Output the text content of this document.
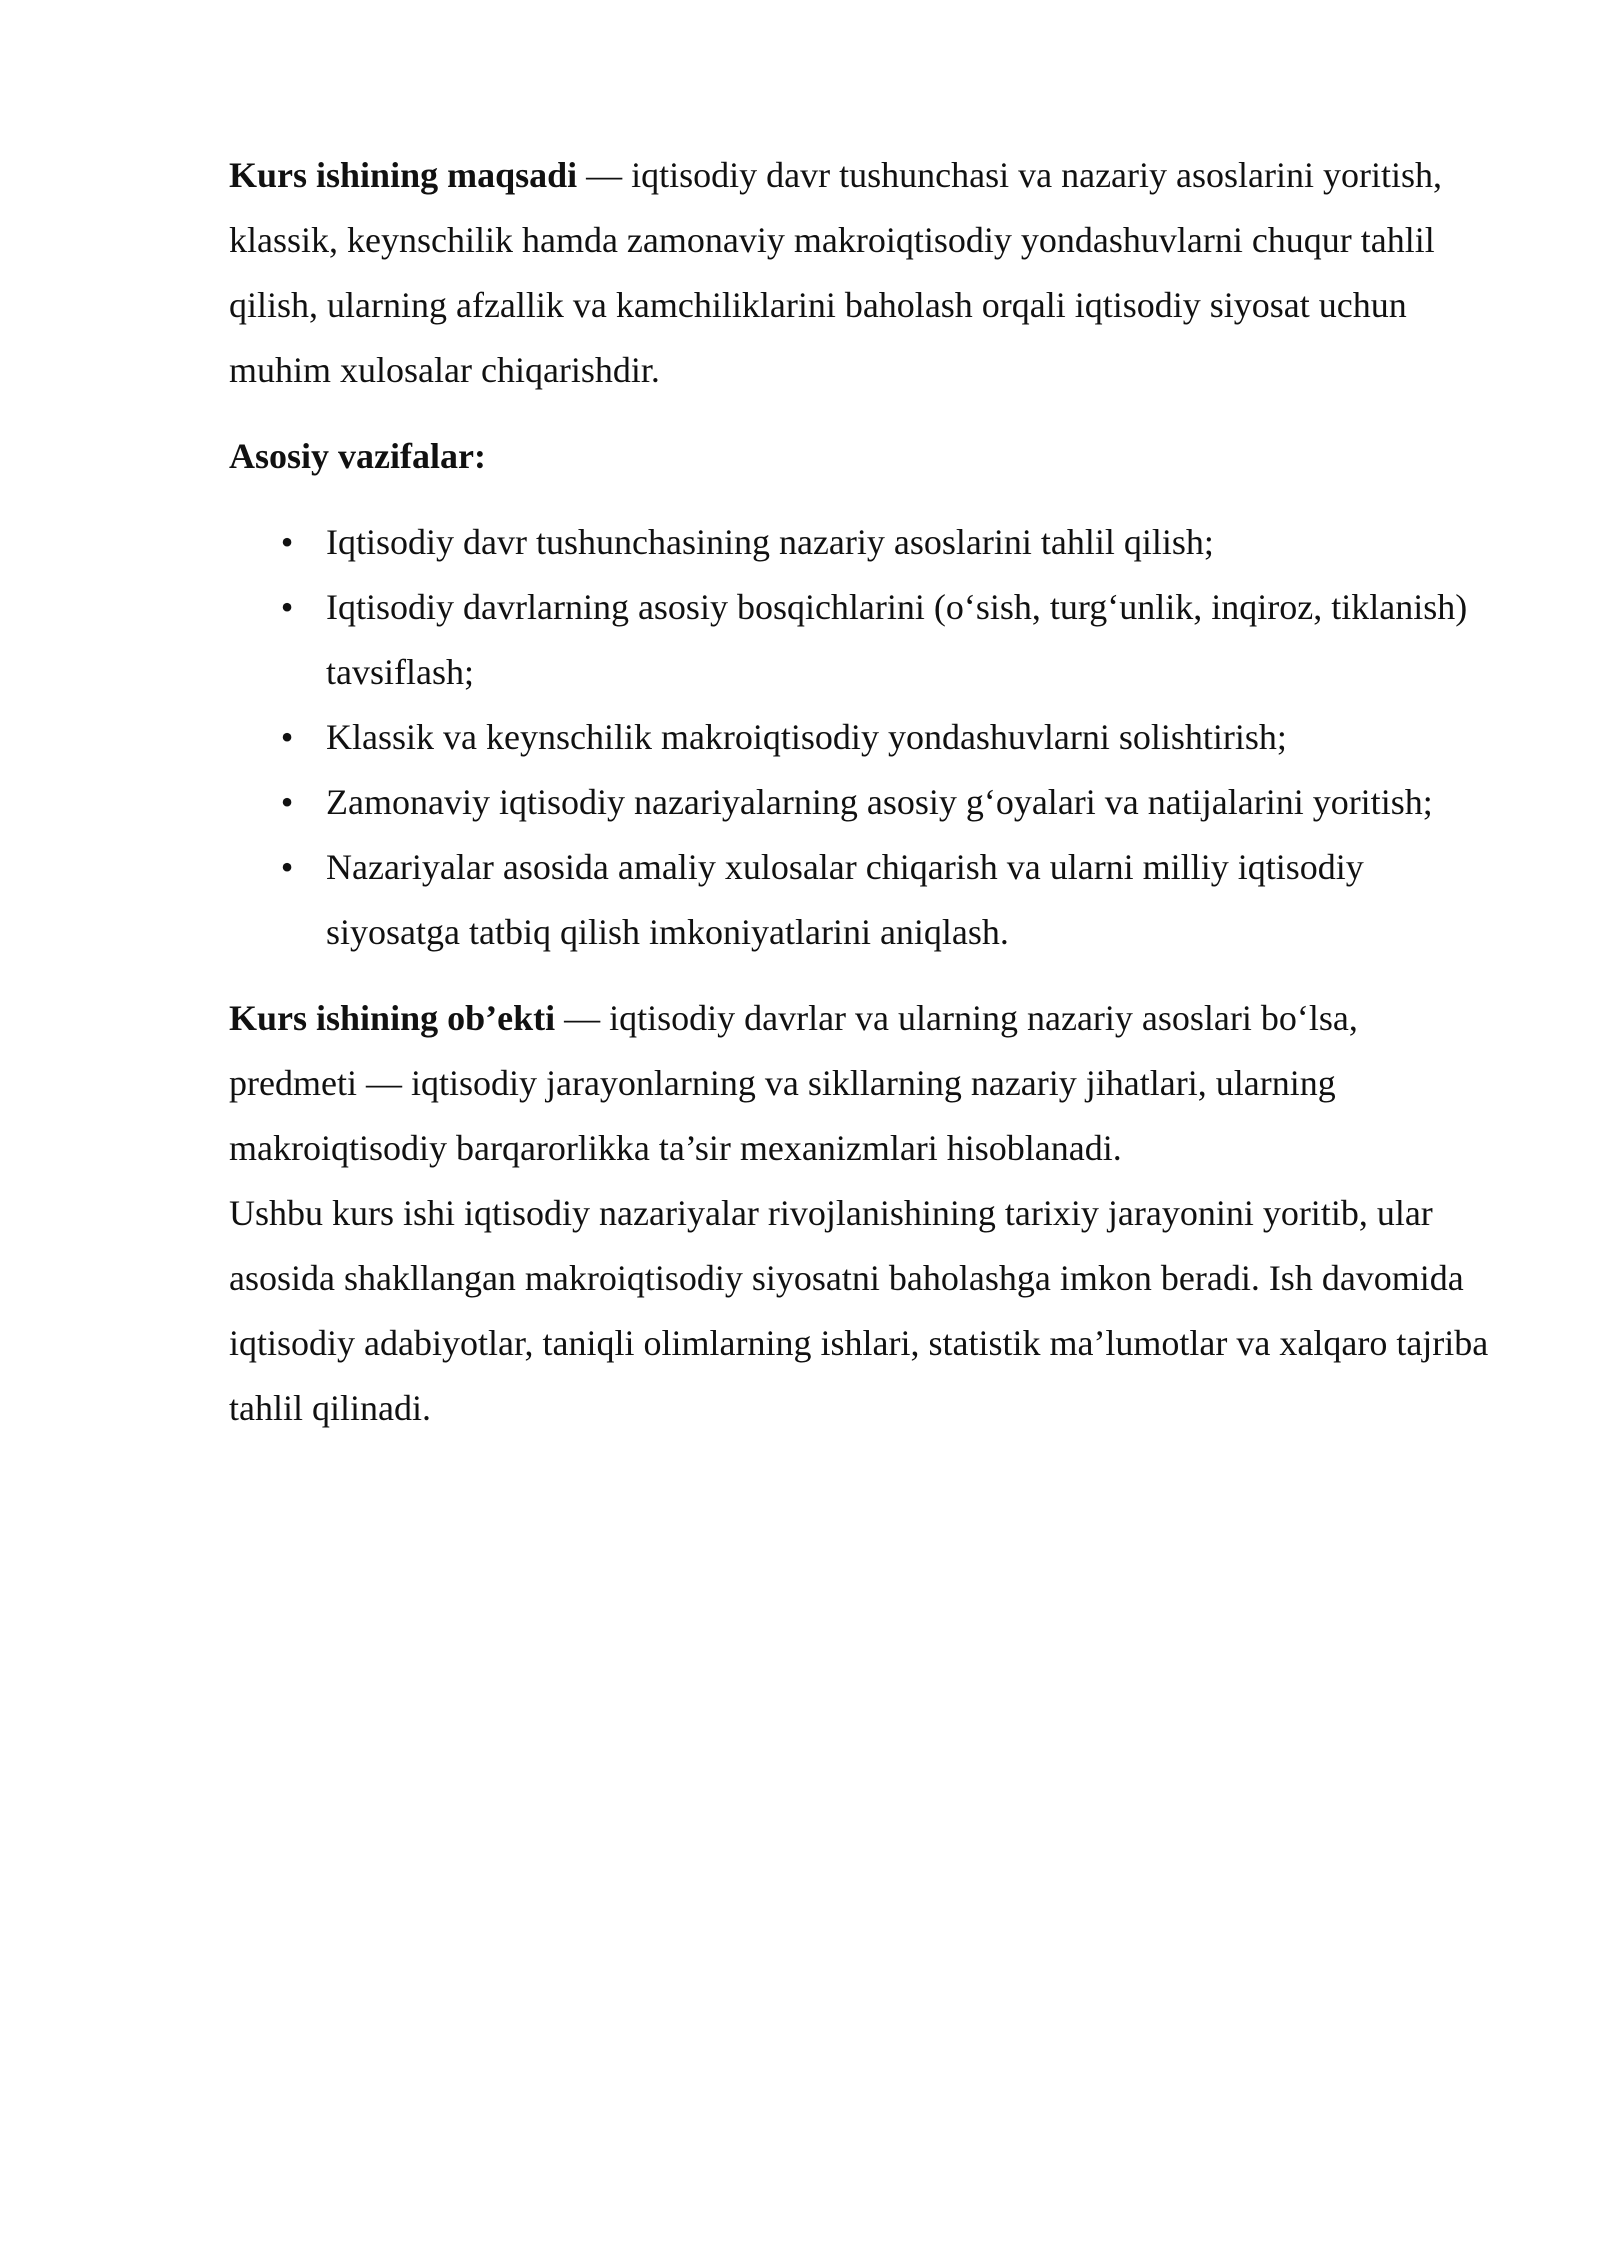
Kurs ishining maqsadi — iqtisodiy davr tushunchasi va nazariy asoslarini yoritish, klassik, keynschilik hamda zamonaviy makroiqtisodiy yondashuvlarni chuqur tahlil qilish, ularning afzallik va kamchiliklarini baholash orqali iqtisodiy siyosat uchun muhim xulosalar chiqarishdir.

Asosiy vazifalar:

• Iqtisodiy davr tushunchasining nazariy asoslarini tahlil qilish;
• Iqtisodiy davrlarning asosiy bosqichlarini (o‘sish, turg‘unlik, inqiroz, tiklanish) tavsiflash;
• Klassik va keynschilik makroiqtisodiy yondashuvlarni solishtirish;
• Zamonaviy iqtisodiy nazariyalarning asosiy g‘oyalari va natijalarini yoritish;
• Nazariyalar asosida amaliy xulosalar chiqarish va ularni milliy iqtisodiy siyosatga tatbiq qilish imkoniyatlarini aniqlash.

Kurs ishining ob’ekti — iqtisodiy davrlar va ularning nazariy asoslari bo‘lsa, predmeti — iqtisodiy jarayonlarning va sikllarning nazariy jihatlari, ularning makroiqtisodiy barqarorlikka ta’sir mexanizmlari hisoblanadi.

Ushbu kurs ishi iqtisodiy nazariyalar rivojlanishining tarixiy jarayonini yoritib, ular asosida shakllangan makroiqtisodiy siyosatni baholashga imkon beradi. Ish davomida iqtisodiy adabiyotlar, taniqli olimlarning ishlari, statistik ma’lumotlar va xalqaro tajriba tahlil qilinadi.
